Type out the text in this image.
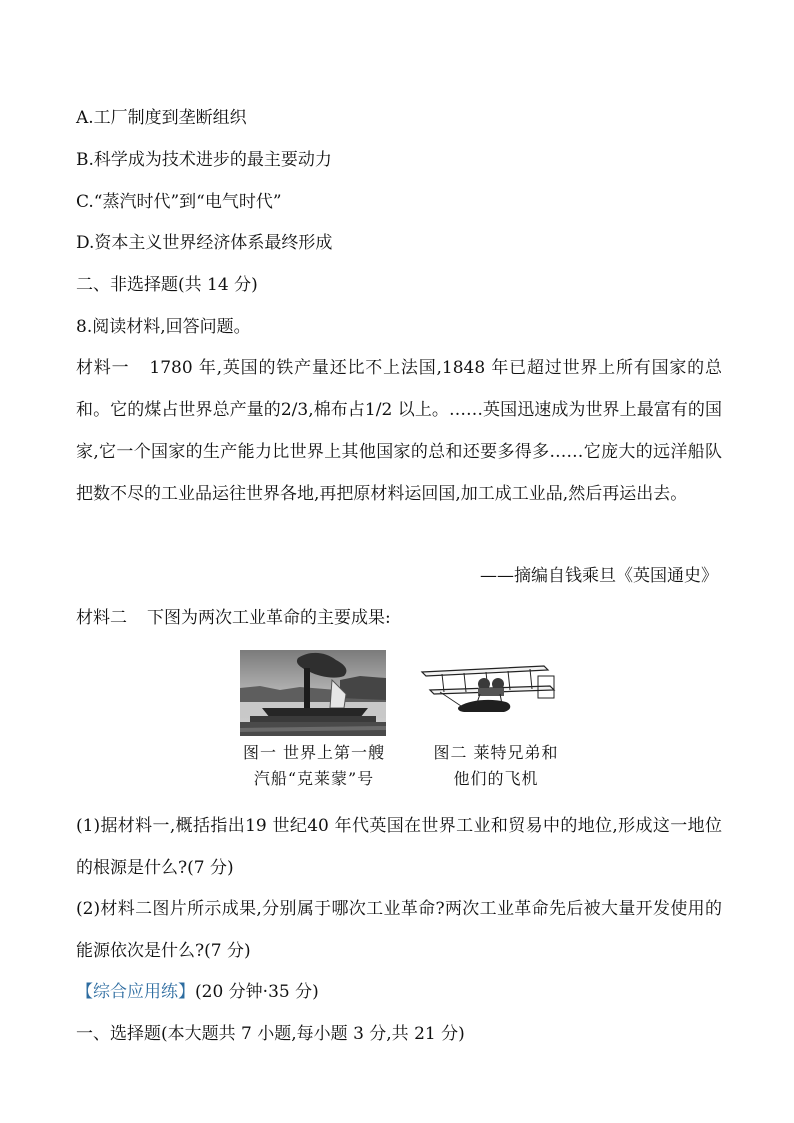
A.工厂制度到垄断组织
B.科学成为技术进步的最主要动力
C.“蒸汽时代”到“电气时代”
D.资本主义世界经济体系最终形成
二、非选择题(共 14 分)
8.阅读材料,回答问题。
材料一 1780 年,英国的铁产量还比不上法国,1848 年已超过世界上所有国家的总和。它的煤占世界总产量的2/3,棉布占1/2 以上。……英国迅速成为世界上最富有的国家,它一个国家的生产能力比世界上其他国家的总和还要多得多……它庞大的远洋船队把数不尽的工业品运往世界各地,再把原材料运回国,加工成工业品,然后再运出去。
——摘编自钱乘旦《英国通史》
材料二 下图为两次工业革命的主要成果:
图一 世界上第一艘
汽船“克莱蒙”号
图二 莱特兄弟和
他们的飞机
(1)据材料一,概括指出19 世纪40 年代英国在世界工业和贸易中的地位,形成这一地位的根源是什么?(7 分)
(2)材料二图片所示成果,分别属于哪次工业革命?两次工业革命先后被大量开发使用的能源依次是什么?(7 分)
【综合应用练】(20 分钟·35 分)
一、选择题(本大题共 7 小题,每小题 3 分,共 21 分)
